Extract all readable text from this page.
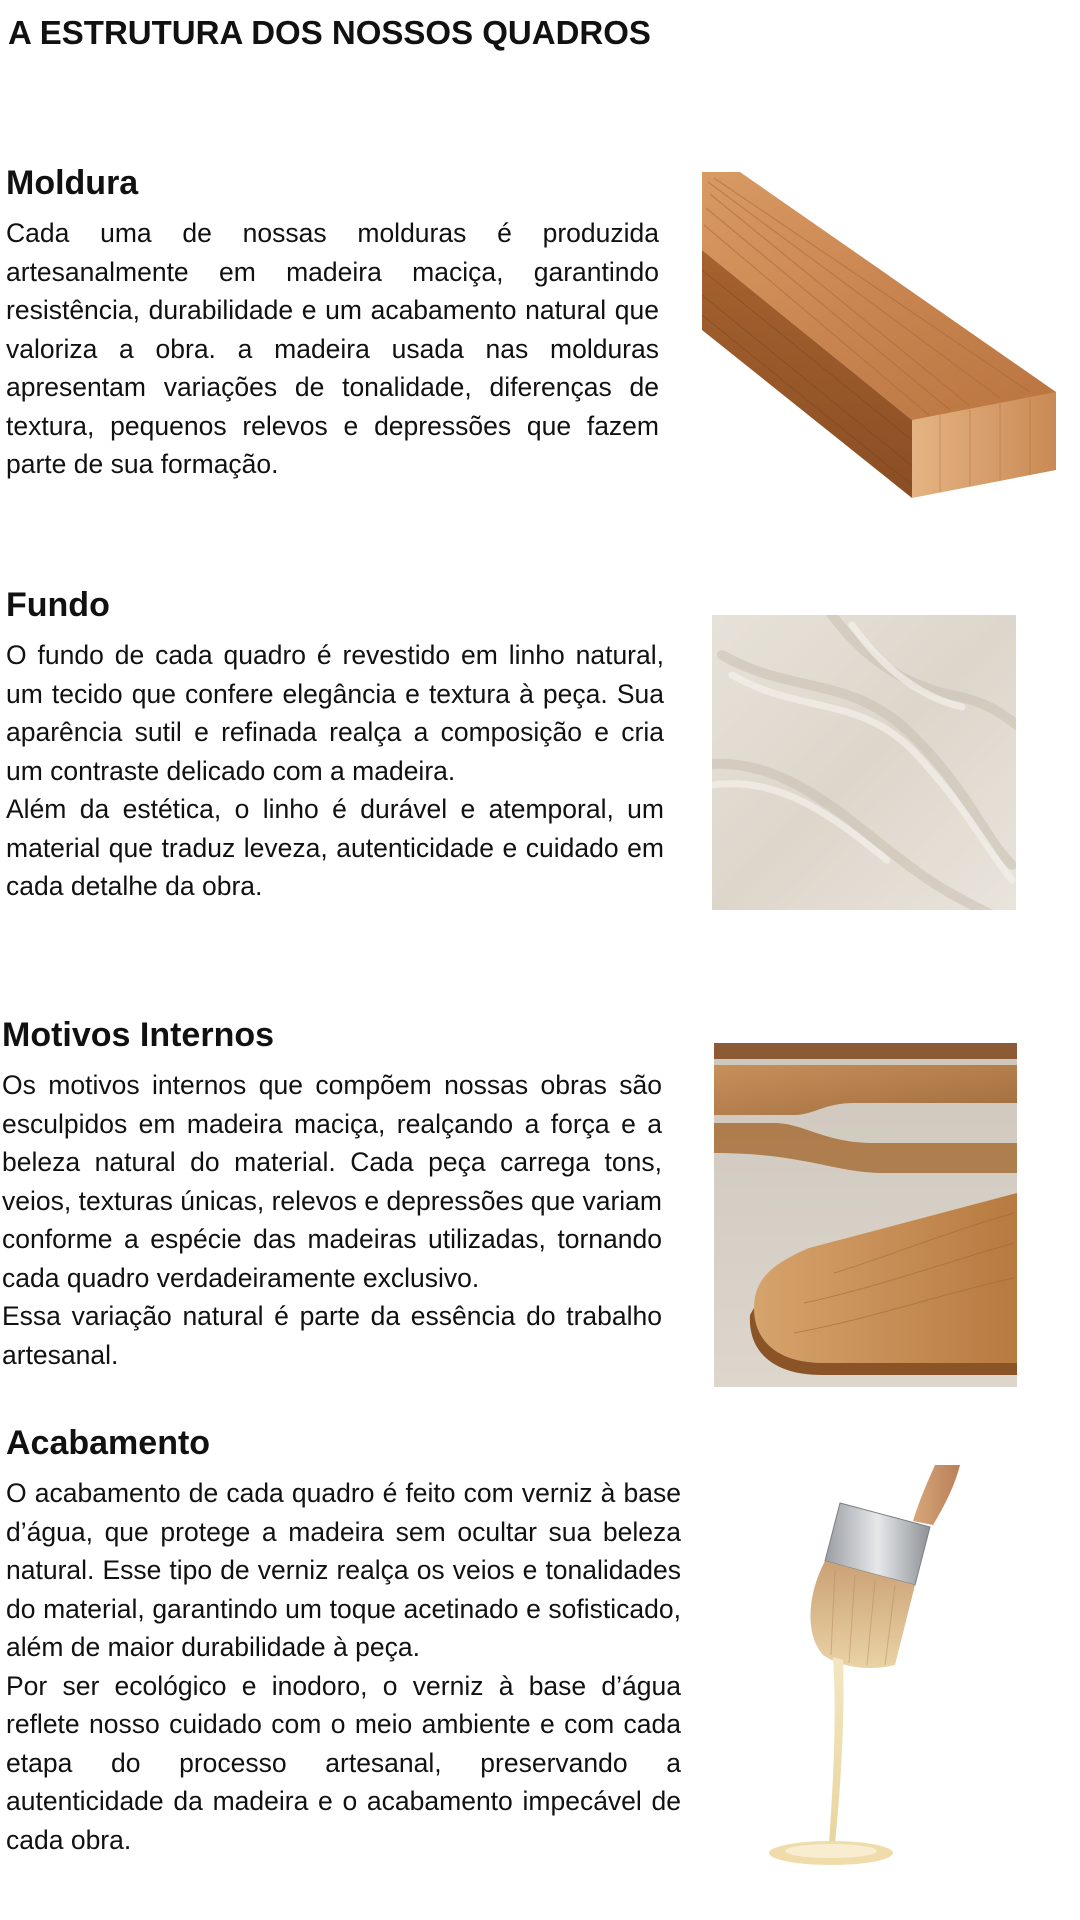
A ESTRUTURA DOS NOSSOS QUADROS
Moldura

Cada uma de nossas molduras é produzida artesanalmente em madeira maciça, garantindo resistência, durabilidade e um acabamento natural que valoriza a obra. a madeira usada nas molduras apresentam variações de tonalidade, diferenças de textura, pequenos relevos e depressões que fazem parte de sua formação.

Fundo

O fundo de cada quadro é revestido em linho natural, um tecido que confere elegância e textura à peça. Sua aparência sutil e refinada realça a composição e cria um contraste delicado com a madeira.

Além da estética, o linho é durável e atemporal, um material que traduz leveza, autenticidade e cuidado em cada detalhe da obra.

Motivos Internos

Os motivos internos que compõem nossas obras são esculpidos em madeira maciça, realçando a força e a beleza natural do material. Cada peça carrega tons, veios, texturas únicas, relevos e depressões que variam conforme a espécie das madeiras utilizadas, tornando cada quadro verdadeiramente exclusivo.

Essa variação natural é parte da essência do trabalho artesanal.

Acabamento

O acabamento de cada quadro é feito com verniz à base d’água, que protege a madeira sem ocultar sua beleza natural. Esse tipo de verniz realça os veios e tonalidades do material, garantindo um toque acetinado e sofisticado, além de maior durabilidade à peça.

Por ser ecológico e inodoro, o verniz à base d’água reflete nosso cuidado com o meio ambiente e com cada etapa do processo artesanal, preservando a autenticidade da madeira e o acabamento impecável de cada obra.
